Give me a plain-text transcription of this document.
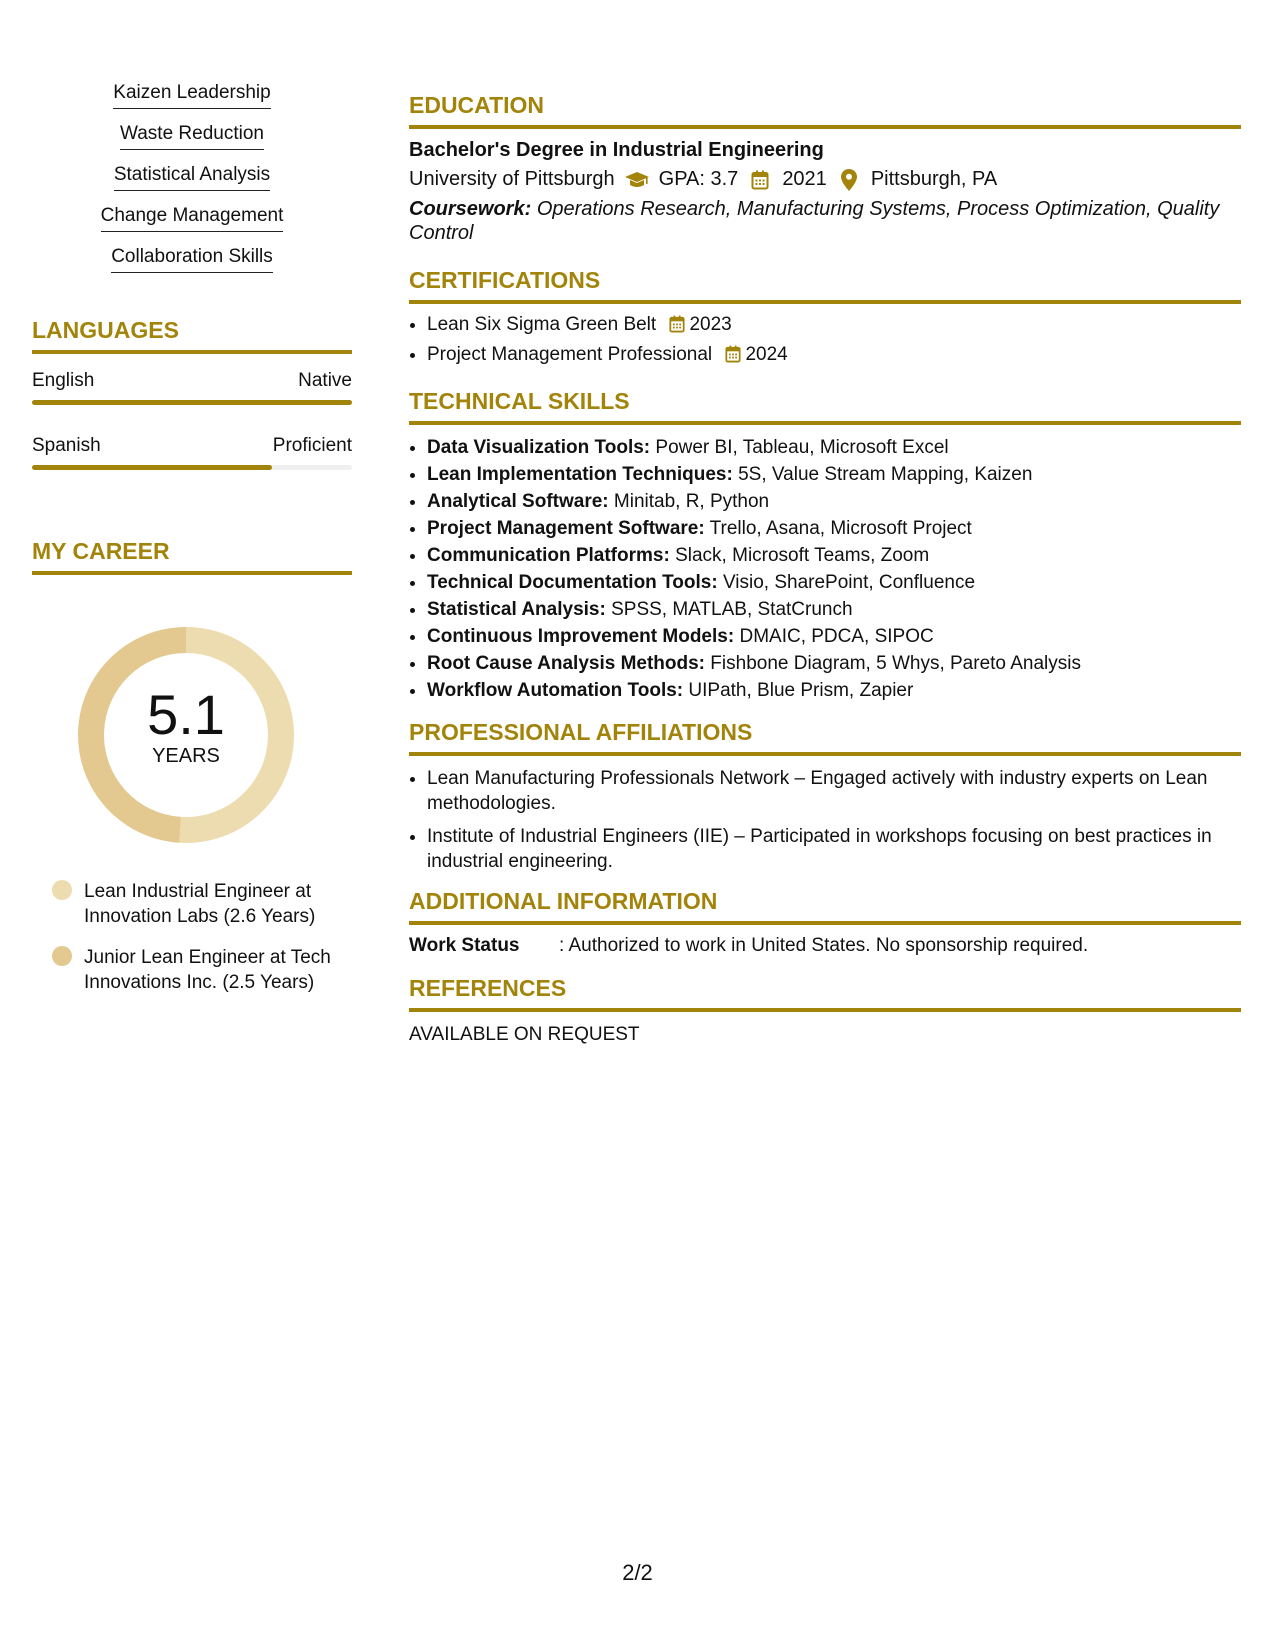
Kaizen Leadership
Waste Reduction
Statistical Analysis
Change Management
Collaboration Skills
LANGUAGES
English	Native
Spanish	Proficient
MY CAREER
5.1
YEARS
Lean Industrial Engineer at Innovation Labs (2.6 Years)
Junior Lean Engineer at Tech Innovations Inc. (2.5 Years)
EDUCATION
Bachelor's Degree in Industrial Engineering
University of Pittsburgh GPA: 3.7 2021 Pittsburgh, PA
Coursework: Operations Research, Manufacturing Systems, Process Optimization, Quality Control
CERTIFICATIONS
• Lean Six Sigma Green Belt 2023
• Project Management Professional 2024
TECHNICAL SKILLS
• Data Visualization Tools: Power BI, Tableau, Microsoft Excel
• Lean Implementation Techniques: 5S, Value Stream Mapping, Kaizen
• Analytical Software: Minitab, R, Python
• Project Management Software: Trello, Asana, Microsoft Project
• Communication Platforms: Slack, Microsoft Teams, Zoom
• Technical Documentation Tools: Visio, SharePoint, Confluence
• Statistical Analysis: SPSS, MATLAB, StatCrunch
• Continuous Improvement Models: DMAIC, PDCA, SIPOC
• Root Cause Analysis Methods: Fishbone Diagram, 5 Whys, Pareto Analysis
• Workflow Automation Tools: UIPath, Blue Prism, Zapier
PROFESSIONAL AFFILIATIONS
• Lean Manufacturing Professionals Network – Engaged actively with industry experts on Lean methodologies.
• Institute of Industrial Engineers (IIE) – Participated in workshops focusing on best practices in industrial engineering.
ADDITIONAL INFORMATION
Work Status	: Authorized to work in United States. No sponsorship required.
REFERENCES
AVAILABLE ON REQUEST
2/2
